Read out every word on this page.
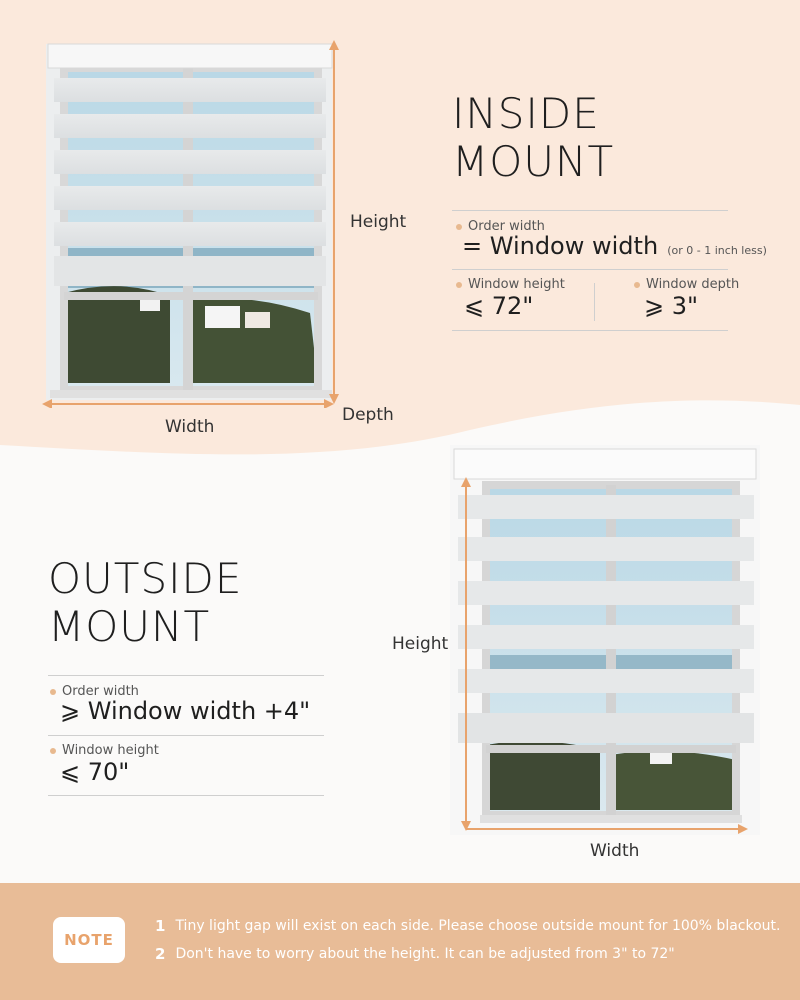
Height
Width
Depth
INSIDE
MOUNT
Order width
= Window width (or 0 - 1 inch less)
Window height
⩽ 72"
Window depth
⩾ 3"
OUTSIDE
MOUNT
Order width
⩾ Window width +4"
Window height
⩽ 70"
Height
Width
NOTE
1 Tiny light gap will exist on each side. Please choose outside mount for 100% blackout.
2 Don't have to worry about the height. It can be adjusted from 3" to 72"
